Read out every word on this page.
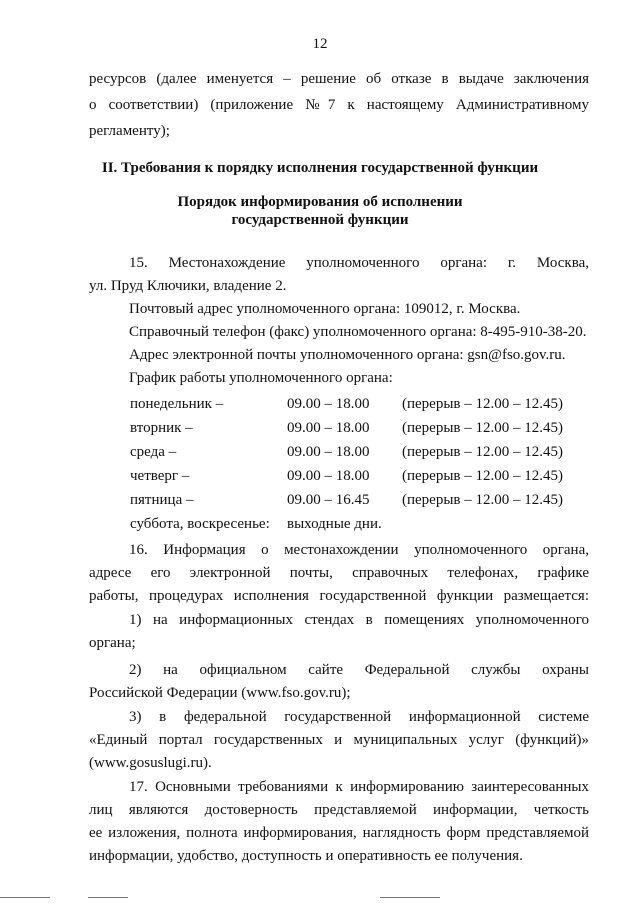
12

ресурсов (далее именуется – решение об отказе в выдаче заключения

о соответствии) (приложение №7 к настоящему Административному

регламенту);

II. Требования к порядку исполнения государственной функции
Порядок информирования об исполнении
государственной функции

15. Местонахождение уполномоченного органа: г. Москва,

ул. Пруд Ключики, владение 2.

Почтовый адрес уполномоченного органа: 109012, г. Москва.

Справочный телефон (факс) уполномоченного органа: 8-495-910-38-20.

Адрес электронной почты уполномоченного органа: gsn@fso.gov.ru.

График работы уполномоченного органа:

понедельник –	09.00 – 18.00 (перерыв – 12.00 – 12.45)
вторник –	09.00 – 18.00 (перерыв – 12.00 – 12.45)
среда –	09.00 – 18.00 (перерыв – 12.00 – 12.45)
четверг –	09.00 – 18.00 (перерыв – 12.00 – 12.45)
пятница –	09.00 – 16.45 (перерыв – 12.00 – 12.45)
суббота, воскресенье: выходные дни.

16. Информация о местонахождении уполномоченного органа,

адресе его электронной почты, справочных телефонах, графике

работы, процедурах исполнения государственной функции размещается:

1) на информационных стендах в помещениях уполномоченного

органа;

2) на официальном сайте Федеральной службы охраны

Российской Федерации (www.fso.gov.ru);

3) в федеральной государственной информационной системе

«Единый портал государственных и муниципальных услуг (функций)»

(www.gosuslugi.ru).

17. Основными требованиями к информированию заинтересованных

лиц являются достоверность представляемой информации, четкость

ее изложения, полнота информирования, наглядность форм представляемой

информации, удобство, доступность и оперативность ее получения.
